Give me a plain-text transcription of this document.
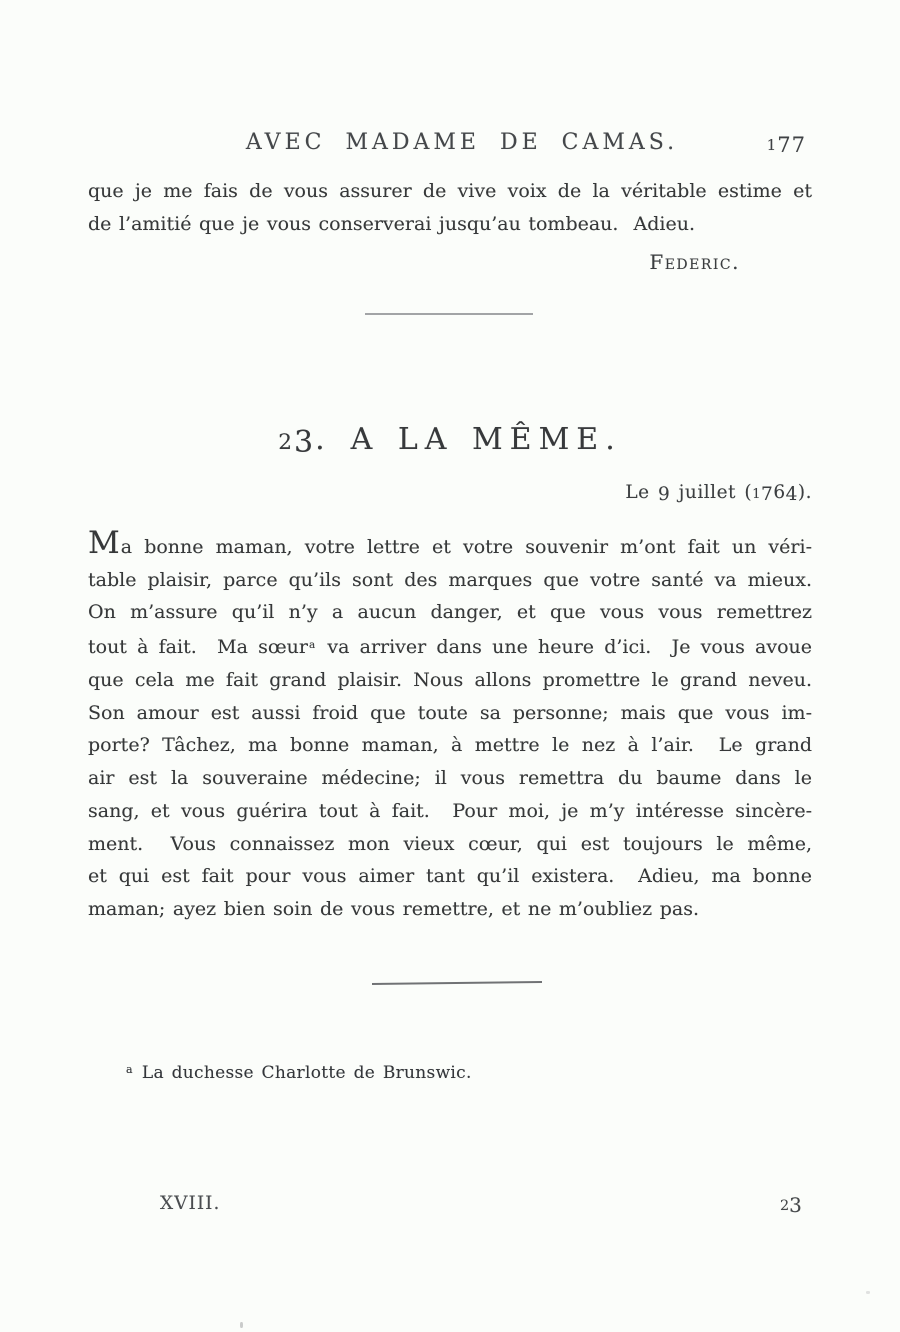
AVEC MADAME DE CAMAS.	177
que je me fais de vous assurer de vive voix de la véritable estime et
de l’amitié que je vous conserverai jusqu’au tombeau.  Adieu.
Federic.
23. A LA MÊME.
Le 9 juillet (1764).
Ma bonne maman, votre lettre et votre souvenir m’ont fait un véri-
table plaisir, parce qu’ils sont des marques que votre santé va mieux.
On m’assure qu’il n’y a aucun danger, et que vous vous remettrez
tout à fait.  Ma sœur$^a$ va arriver dans une heure d’ici.  Je vous avoue
que cela me fait grand plaisir. Nous allons promettre le grand neveu.
Son amour est aussi froid que toute sa personne; mais que vous im-
porte? Tâchez, ma bonne maman, à mettre le nez à l’air.  Le grand
air est la souveraine médecine; il vous remettra du baume dans le
sang, et vous guérira tout à fait.  Pour moi, je m’y intéresse sincère-
ment.  Vous connaissez mon vieux cœur, qui est toujours le même,
et qui est fait pour vous aimer tant qu’il existera.  Adieu, ma bonne
maman; ayez bien soin de vous remettre, et ne m’oubliez pas.
$^a$ La duchesse Charlotte de Brunswic.
XVIII.	23
